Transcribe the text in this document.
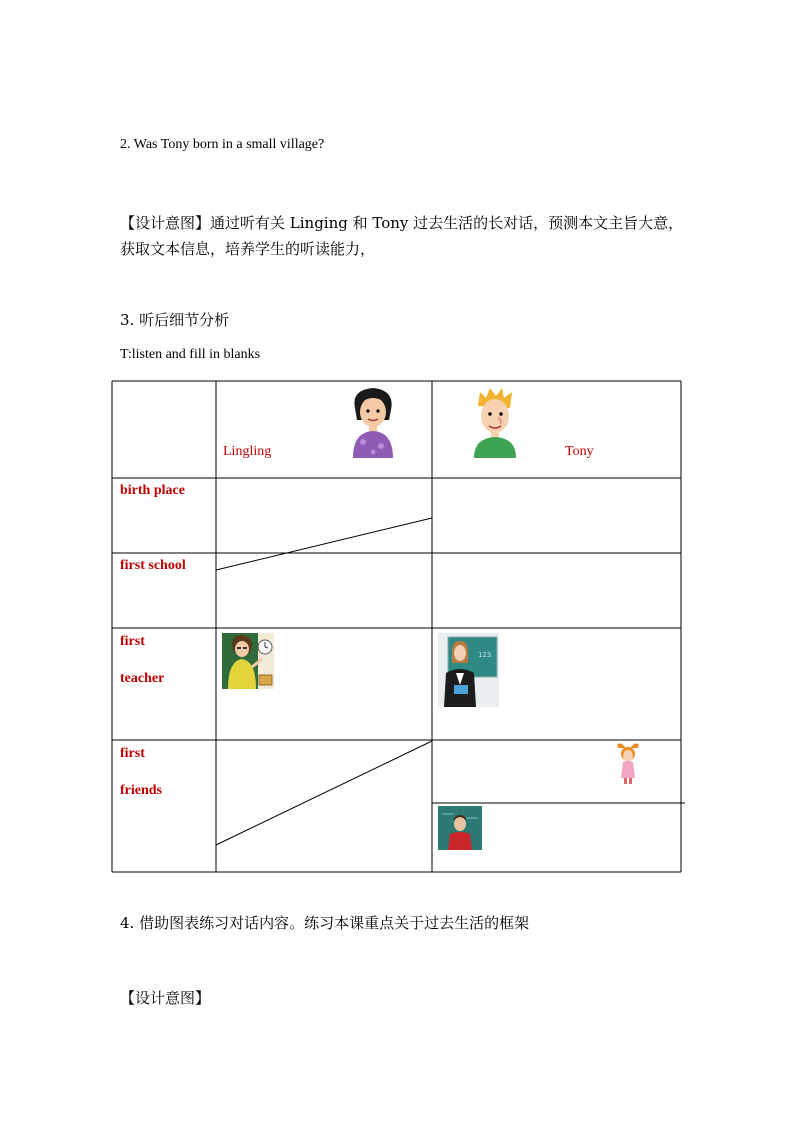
2. Was Tony born in a small village?
【设计意图】通过听有关 Linging 和 Tony 过去生活的长对话，预测本文主旨大意，获取文本信息，培养学生的听读能力，
3. 听后细节分析
T:listen and fill in blanks
Lingling	Tony
birth place
first school
first
teacher
first
friends
123
4. 借助图表练习对话内容。练习本课重点关于过去生活的框架
【设计意图】
